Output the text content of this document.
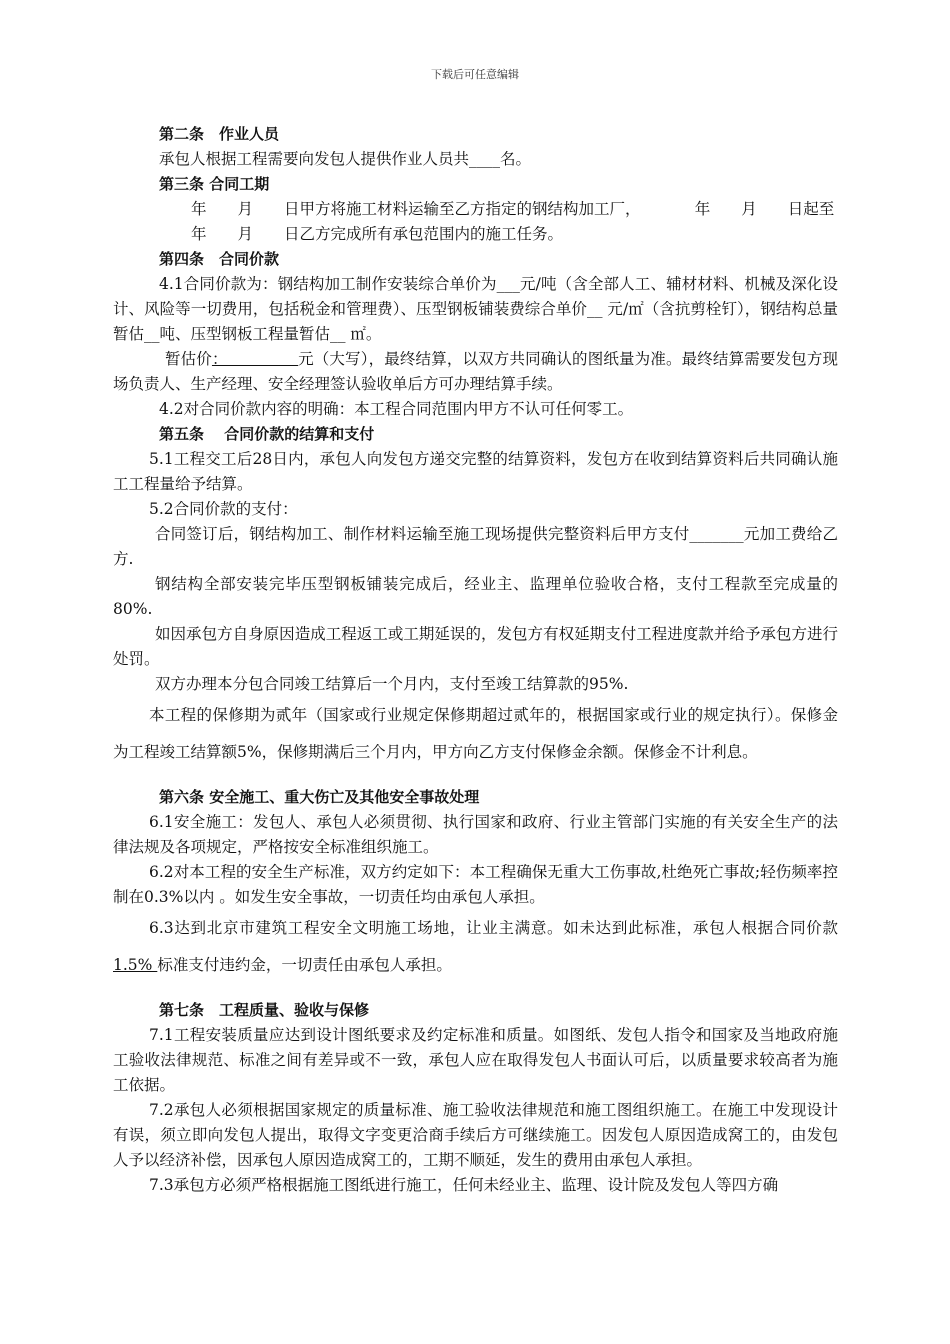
下载后可任意编辑

第二条　作业人员

承包人根据工程需要向发包人提供作业人员共____名。

第三条 合同工期

年　　月　　日甲方将施工材料运输至乙方指定的钢结构加工厂，　　　　年　　月　　日起至

年　　月　　日乙方完成所有承包范围内的施工任务。

第四条　合同价款

4.1合同价款为：钢结构加工制作安装综合单价为___元/吨（含全部人工、辅材材料、机械及深化设计、风险等一切费用，包括税金和管理费）、压型钢板铺装费综合单价__ 元/㎡（含抗剪栓钉），钢结构总量暂估__吨、压型钢板工程量暂估__ ㎡。

暂估价：　　　　　元（大写），最终结算，以双方共同确认的图纸量为准。最终结算需要发包方现场负责人、生产经理、安全经理签认验收单后方可办理结算手续。

4.2对合同价款内容的明确：本工程合同范围内甲方不认可任何零工。

第五条　 合同价款的结算和支付

5.1工程交工后28日内，承包人向发包方递交完整的结算资料，发包方在收到结算资料后共同确认施工工程量给予结算。

5.2合同价款的支付：

合同签订后，钢结构加工、制作材料运输至施工现场提供完整资料后甲方支付_______元加工费给乙方.

钢结构全部安装完毕压型钢板铺装完成后，经业主、监理单位验收合格，支付工程款至完成量的80%.

如因承包方自身原因造成工程返工或工期延误的，发包方有权延期支付工程进度款并给予承包方进行处罚。

双方办理本分包合同竣工结算后一个月内，支付至竣工结算款的95%.

本工程的保修期为贰年（国家或行业规定保修期超过贰年的，根据国家或行业的规定执行）。保修金为工程竣工结算额5%，保修期满后三个月内，甲方向乙方支付保修金余额。保修金不计利息。

第六条 安全施工、重大伤亡及其他安全事故处理

6.1安全施工：发包人、承包人必须贯彻、执行国家和政府、行业主管部门实施的有关安全生产的法律法规及各项规定，严格按安全标准组织施工。

6.2对本工程的安全生产标准，双方约定如下：本工程确保无重大工伤事故,杜绝死亡事故;轻伤频率控制在0.3%以内 。如发生安全事故，一切责任均由承包人承担。

6.3达到北京市建筑工程安全文明施工场地，让业主满意。如未达到此标准，承包人根据合同价款 1.5% 标准支付违约金，一切责任由承包人承担。

第七条　工程质量、验收与保修

7.1工程安装质量应达到设计图纸要求及约定标准和质量。如图纸、发包人指令和国家及当地政府施工验收法律规范、标准之间有差异或不一致，承包人应在取得发包人书面认可后，以质量要求较高者为施工依据。

7.2承包人必须根据国家规定的质量标准、施工验收法律规范和施工图组织施工。在施工中发现设计有误，须立即向发包人提出，取得文字变更洽商手续后方可继续施工。因发包人原因造成窝工的，由发包人予以经济补偿，因承包人原因造成窝工的，工期不顺延，发生的费用由承包人承担。

7.3承包方必须严格根据施工图纸进行施工，任何未经业主、监理、设计院及发包人等四方确
